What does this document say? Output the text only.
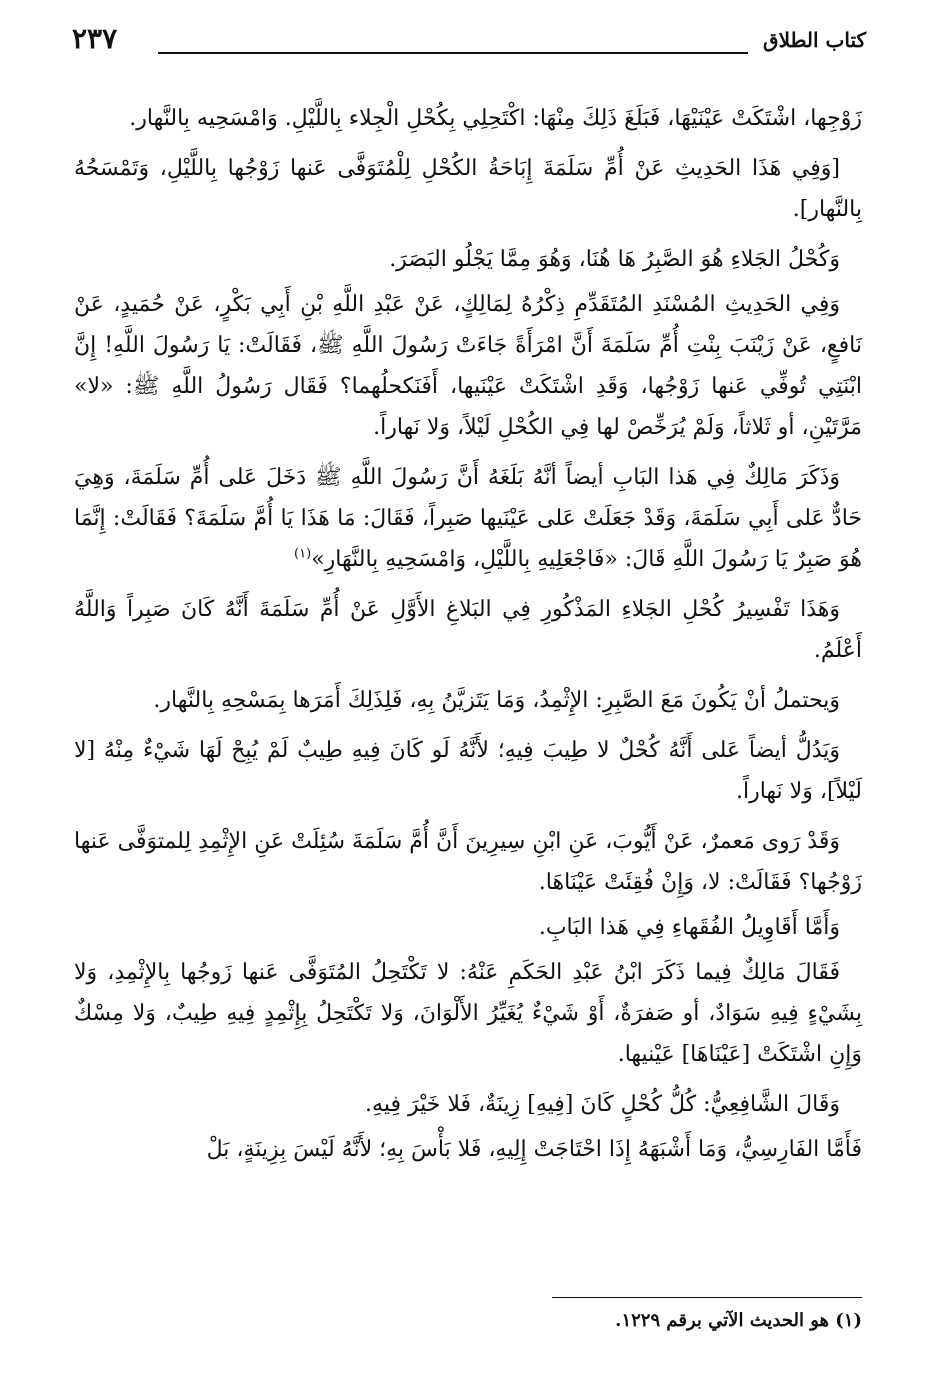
كتاب الطلاق
٢٣٧

زَوْجِها، اشْتَكَتْ عَيْنَيْهَا، فَبَلَغَ ذَلِكَ مِنْهَا: اكْتَحِلِي بِكُحْلِ الْجِلاء بِاللَّيْلِ. وَامْسَحِيه بِالنَّهار.

[وَفِي هَذَا الحَدِيثِ عَنْ أُمِّ سَلَمَةَ إِبَاحَةُ الكُحْلِ لِلْمُتَوَفَّى عَنها زَوْجُها بِاللَّيْلِ، وَتَمْسَحُهُ بِالنَّهار].

وَكُحْلُ الجَلاءِ هُوَ الصَّبِرُ هَا هُنَا، وَهُوَ مِمَّا يَجْلُو البَصَرَ.

وَفِي الحَدِيثِ المُسْنَدِ المُتَقَدِّمِ ذِكْرُهُ لِمَالِكٍ، عَنْ عَبْدِ اللَّهِ بْنِ أَبِي بَكْرٍ، عَنْ حُمَيدٍ، عَنْ نَافعٍ، عَنْ زَيْنَبَ بِنْتِ أُمِّ سَلَمَةَ أَنَّ امْرَأَةً جَاءَتْ رَسُولَ اللَّهِ ﷺ، فَقَالَتْ: يَا رَسُولَ اللَّهِ! إِنَّ ابْنَتِي تُوفِّي عَنها زَوْجُها، وَقَدِ اشْتَكَتْ عَيْنَيها، أَفَنَكحلُهما؟ فَقَال رَسُولُ اللَّهِ ﷺ: «لا» مَرَّتَيْنِ، أو ثَلاثاً، وَلَمْ يُرَخِّصْ لها فِي الكُحْلِ لَيْلاً، وَلا نَهاراً.

وَذَكَرَ مَالِكٌ فِي هَذا البَابِ أيضاً أنَّهُ بَلَغَهُ أَنَّ رَسُولَ اللَّهِ ﷺ دَخَلَ عَلى أُمِّ سَلَمَةَ، وَهِيَ حَادٌّ عَلى أَبِي سَلَمَةَ، وَقَدْ جَعَلَتْ عَلى عَيْنَيها صَبِراً، فَقَالَ: مَا هَذَا يَا أُمَّ سَلَمَةَ؟ فَقَالَتْ: إِنَّمَا هُوَ صَبِرٌ يَا رَسُولَ اللَّهِ قَالَ: «فَاجْعَلِيهِ بِاللَّيْلِ، وَامْسَحِيهِ بِالنَّهَارِ»$^{(١)}$

وَهَذَا تَفْسِيرُ كُحْلِ الجَلاءِ المَذْكُورِ فِي البَلاغِ الأَوَّلِ عَنْ أُمِّ سَلَمَةَ أَنَّهُ كَانَ صَبِراً وَاللَّهُ أَعْلَمُ.

وَيحتملُ أنْ يَكُونَ مَعَ الصَّبِرِ: الإِثْمِدُ، وَمَا يَتَزيَّنُ بِهِ، فَلِذَلِكَ أَمَرَها بِمَسْحِهِ بِالنَّهار.

وَيَدُلُّ أيضاً عَلى أَنَّهُ كُحْلٌ لا طِيبَ فِيهِ؛ لأَنَّهُ لَو كَانَ فِيهِ طِيبٌ لَمْ يُبِحْ لَهَا شَيْءٌ مِنْهُ [لا لَيْلاً]، وَلا نَهاراً.

وَقَدْ رَوى مَعمرٌ، عَنْ أَيُّوبَ، عَنِ ابْنِ سِيرِينَ أَنَّ أُمَّ سَلَمَةَ سُئِلَتْ عَنِ الإِثْمِدِ لِلمتوَفَّى عَنها زَوْجُها؟ فَقَالَتْ: لا، وَإِنْ فُقِئَتْ عَيْنَاهَا.

وَأَمَّا أَقَاوِيلُ الفُقَهاءِ فِي هَذا البَابِ.

فَقَالَ مَالِكٌ فِيما ذَكَرَ ابْنُ عَبْدِ الحَكَمِ عَنْهُ: لا تَكْتَحِلُ المُتَوَفَّى عَنها زَوجُها بِالإِثْمِدِ، وَلا بِشَيْءٍ فِيهِ سَوَادٌ، أو صَفرَةٌ، أَوْ شَيْءٌ يُغَيِّرُ الأَلْوَانَ، وَلا تَكْتَحِلُ بِإِثْمِدٍ فِيهِ طِيبٌ، وَلا مِسْكٌ وَإِنِ اشْتَكَتْ [عَيْنَاهَا] عَيْنيها.

وَقَالَ الشَّافِعِيُّ: كُلُّ كُحْلٍ كَانَ [فِيهِ] زِينَةٌ، فَلا خَيْرَ فِيهِ.

فَأَمَّا الفَارِسِيُّ، وَمَا أَشْبَهَهُ إِذَا احْتَاجَتْ إِلِيهِ، فَلا بَأْسَ بِهِ؛ لأَنَّهُ لَيْسَ بِزِينَةٍ، بَلْ

(١) هو الحديث الآتي برقم ١٢٢٩.
